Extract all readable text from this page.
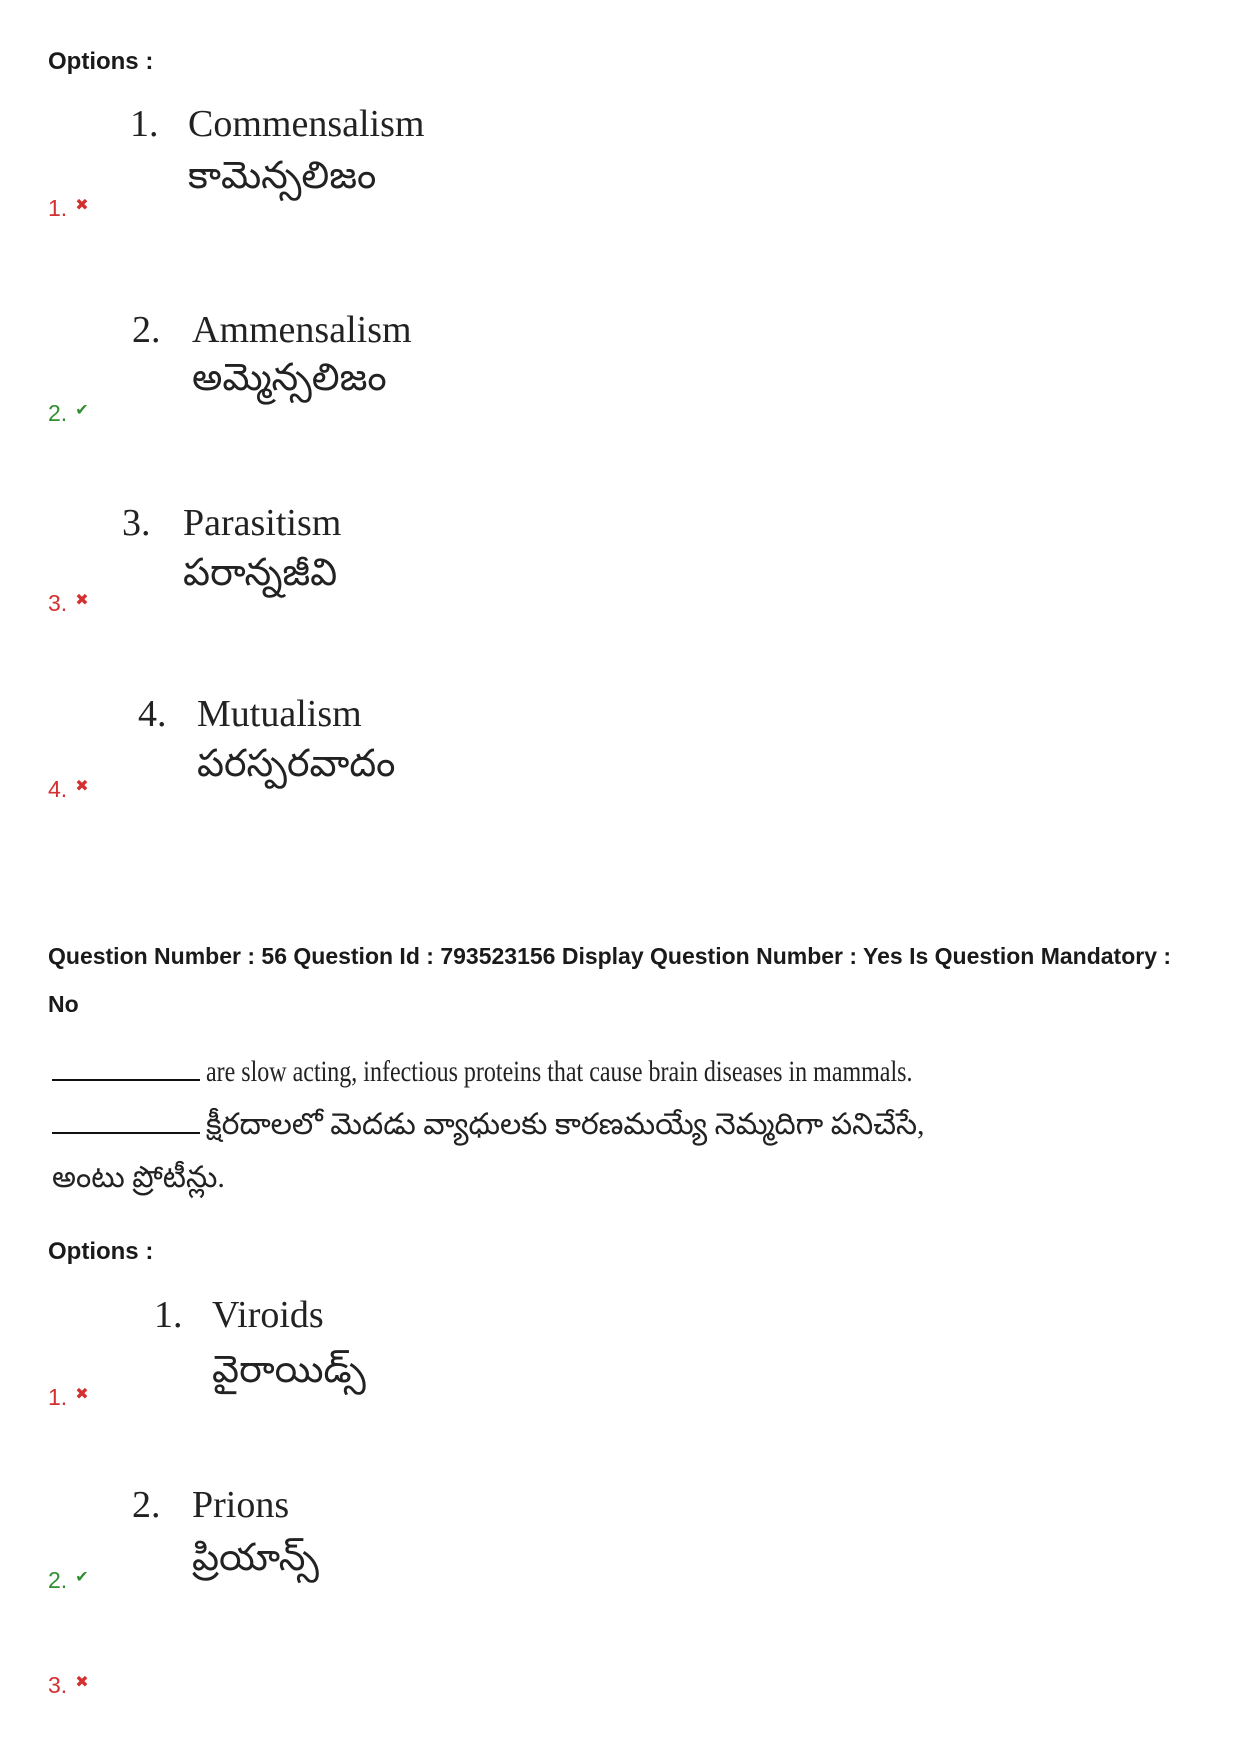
Options :
1. Commensalism
కామెన్సలిజం
1.✖
2. Ammensalism
అమ్మెన్సలిజం
2.✔
3. Parasitism
పరాన్నజీవి
3.✖
4. Mutualism
పరస్పరవాదం
4.✖
Question Number : 56 Question Id : 793523156 Display Question Number : Yes Is Question Mandatory : No
are slow acting, infectious proteins that cause brain diseases in mammals.
క్షీరదాలలో మెదడు వ్యాధులకు కారణమయ్యే నెమ్మదిగా పనిచేసే,
అంటు ప్రోటీన్లు.
Options :
1. Viroids
వైరాయిడ్స్
1.✖
2. Prions
ప్రియాన్స్
2.✔
3.✖
